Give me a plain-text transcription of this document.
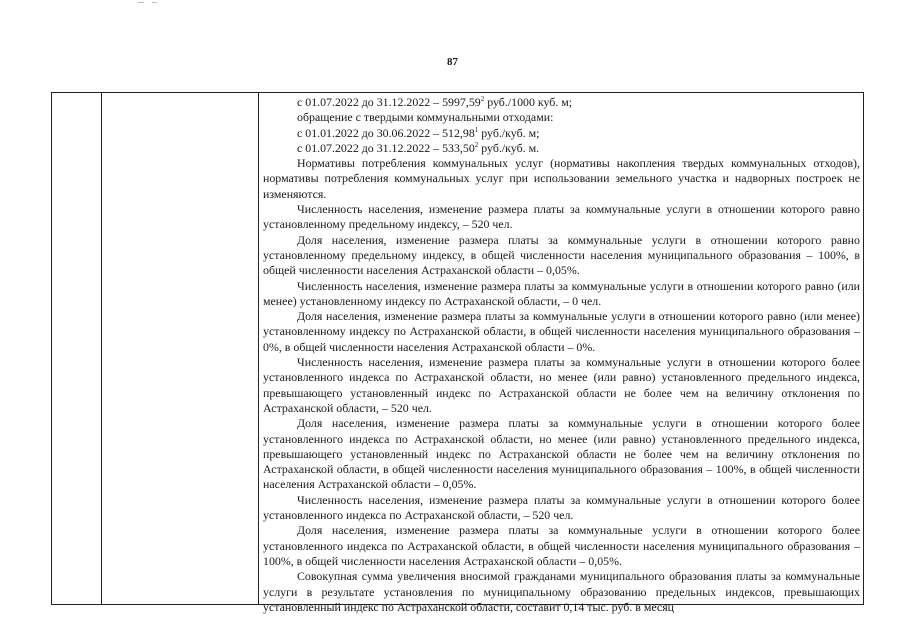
87

с 01.07.2022 до 31.12.2022 – 5997,59$^2$ руб./1000 куб. м;

обращение с твердыми коммунальными отходами:

с 01.01.2022 до 30.06.2022 – 512,98$^1$ руб./куб. м;

с 01.07.2022 до 31.12.2022 – 533,50$^2$ руб./куб. м.

Нормативы потребления коммунальных услуг (нормативы накопления твердых коммунальных отходов), нормативы потребления коммунальных услуг при использовании земельного участка и надворных построек не изменяются.

Численность населения, изменение размера платы за коммунальные услуги в отношении которого равно установленному предельному индексу, – 520 чел.

Доля населения, изменение размера платы за коммунальные услуги в отношении которого равно установленному предельному индексу, в общей численности населения муниципального образования – 100%, в общей численности населения Астраханской области – 0,05%.

Численность населения, изменение размера платы за коммунальные услуги в отношении которого равно (или менее) установленному индексу по Астраханской области, – 0 чел.

Доля населения, изменение размера платы за коммунальные услуги в отношении которого равно (или менее) установленному индексу по Астраханской области, в общей численности населения муниципального образования – 0%, в общей численности населения Астраханской области – 0%.

Численность населения, изменение размера платы за коммунальные услуги в отношении которого более установленного индекса по Астраханской области, но менее (или равно) установленного предельного индекса, превышающего установленный индекс по Астраханской области не более чем на величину отклонения по Астраханской области, – 520 чел.

Доля населения, изменение размера платы за коммунальные услуги в отношении которого более установленного индекса по Астраханской области, но менее (или равно) установленного предельного индекса, превышающего установленный индекс по Астраханской области не более чем на величину отклонения по Астраханской области, в общей численности населения муниципального образования – 100%, в общей численности населения Астраханской области – 0,05%.

Численность населения, изменение размера платы за коммунальные услуги в отношении которого более установленного индекса по Астраханской области, – 520 чел.

Доля населения, изменение размера платы за коммунальные услуги в отношении которого более установленного индекса по Астраханской области, в общей численности населения муниципального образования – 100%, в общей численности населения Астраханской области – 0,05%.

Совокупная сумма увеличения вносимой гражданами муниципального образования платы за коммунальные услуги в результате установления по муниципальному образованию предельных индексов, превышающих установленный индекс по Астраханской области, составит 0,14 тыс. руб. в месяц
